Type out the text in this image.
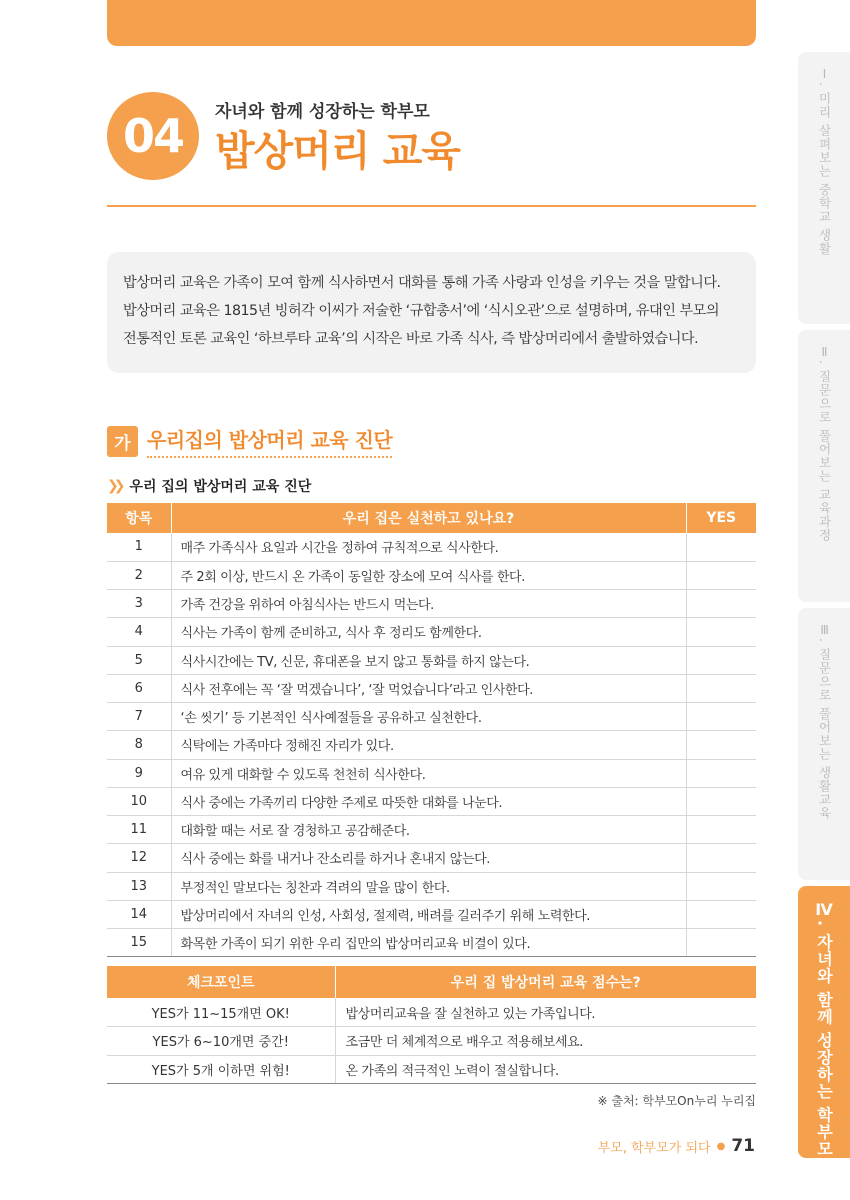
04	자녀와 함께 성장하는 학부모
밥상머리 교육

밥상머리 교육은 가족이 모여 함께 식사하면서 대화를 통해 가족 사랑과 인성을 키우는 것을 말합니다.

밥상머리 교육은 1815년 빙허각 이씨가 저술한 ‘규합총서’에 ‘식시오관’으로 설명하며, 유대인 부모의

전통적인 토론 교육인 ‘하브루타 교육’의 시작은 바로 가족 식사, 즉 밥상머리에서 출발하였습니다.

Ⅰ. 미리 살펴보는 중학교 생활
Ⅱ. 질문으로 풀어보는 교육과정
Ⅲ. 질문으로 풀어보는 생활교육
Ⅳ. 자녀와 함께 성장하는 학부모
가 우리집의 밥상머리 교육 진단
❯❯ 우리 집의 밥상머리 교육 진단
항목	우리 집은 실천하고 있나요?	YES
1	매주 가족식사 요일과 시간을 정하여 규칙적으로 식사한다.	
2	주 2회 이상, 반드시 온 가족이 동일한 장소에 모여 식사를 한다.	
3	가족 건강을 위하여 아침식사는 반드시 먹는다.	
4	식사는 가족이 함께 준비하고, 식사 후 정리도 함께한다.	
5	식사시간에는 TV, 신문, 휴대폰을 보지 않고 통화를 하지 않는다.	
6	식사 전후에는 꼭 ‘잘 먹겠습니다’, ‘잘 먹었습니다’라고 인사한다.	
7	‘손 씻기’ 등 기본적인 식사예절들을 공유하고 실천한다.	
8	식탁에는 가족마다 정해진 자리가 있다.	
9	여유 있게 대화할 수 있도록 천천히 식사한다.	
10	식사 중에는 가족끼리 다양한 주제로 따뜻한 대화를 나눈다.	
11	대화할 때는 서로 잘 경청하고 공감해준다.	
12	식사 중에는 화를 내거나 잔소리를 하거나 혼내지 않는다.	
13	부정적인 말보다는 칭찬과 격려의 말을 많이 한다.	
14	밥상머리에서 자녀의 인성, 사회성, 절제력, 배려를 길러주기 위해 노력한다.	
15	화목한 가족이 되기 위한 우리 집만의 밥상머리교육 비결이 있다.	
체크포인트	우리 집 밥상머리 교육 점수는?
YES가 11~15개면 OK!	밥상머리교육을 잘 실천하고 있는 가족입니다.
YES가 6~10개면 중간!	조금만 더 체계적으로 배우고 적용해보세요.
YES가 5개 이하면 위험!	온 가족의 적극적인 노력이 절실합니다.
※ 출처: 학부모On누리 누리집
부모, 학부모가 되다 ● 71
